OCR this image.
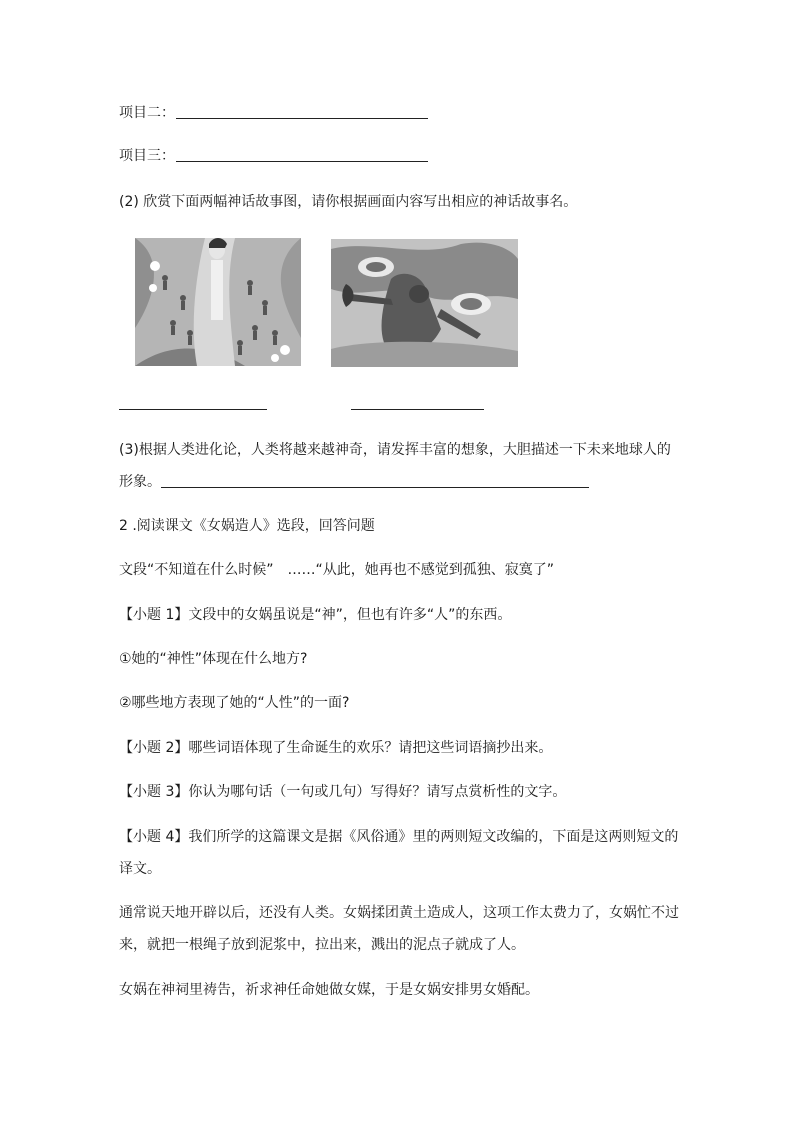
项目二：
项目三：
(2) 欣赏下面两幅神话故事图，请你根据画面内容写出相应的神话故事名。
(3)根据人类进化论，人类将越来越神奇，请发挥丰富的想象，大胆描述一下未来地球人的
形象。
2 .阅读课文《女娲造人》选段，回答问题
文段“不知道在什么时候”　……“从此，她再也不感觉到孤独、寂寞了”
【小题 1】文段中的女娲虽说是“神”，但也有许多“人”的东西。
①她的“神性”体现在什么地方?
②哪些地方表现了她的“人性”的一面?
【小题 2】哪些词语体现了生命诞生的欢乐？请把这些词语摘抄出来。
【小题 3】你认为哪句话（一句或几句）写得好？请写点赏析性的文字。
【小题 4】我们所学的这篇课文是据《风俗通》里的两则短文改编的，下面是这两则短文的
译文。
通常说天地开辟以后，还没有人类。女娲揉团黄土造成人，这项工作太费力了，女娲忙不过
来，就把一根绳子放到泥浆中，拉出来，溅出的泥点子就成了人。
女娲在神祠里祷告，祈求神任命她做女媒，于是女娲安排男女婚配。
